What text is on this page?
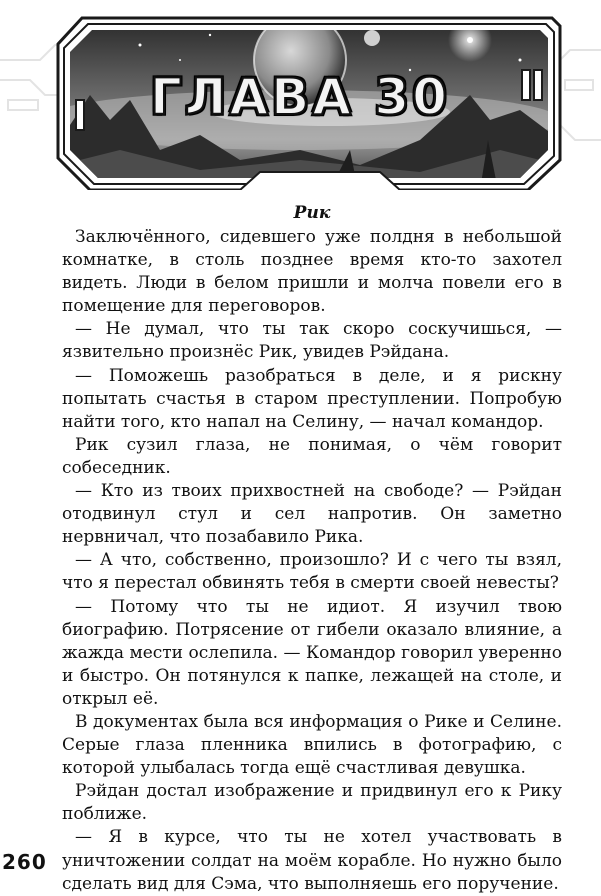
ГЛАВА 30

Рик

Заключённого, сидевшего уже полдня в небольшой комнатке, в столь позднее время кто-то захотел видеть. Люди в белом пришли и молча повели его в помещение для переговоров.

— Не думал, что ты так скоро соскучишься, — язвительно произнёс Рик, увидев Рэйдана.

— Поможешь разобраться в деле, и я рискну попытать счастья в старом преступлении. Попробую найти того, кто напал на Селину, — начал командор.

Рик сузил глаза, не понимая, о чём говорит собеседник.

— Кто из твоих прихвостней на свободе? — Рэйдан отодвинул стул и сел напротив. Он заметно нервничал, что позабавило Рика.

— А что, собственно, произошло? И с чего ты взял, что я перестал обвинять тебя в смерти своей невесты?

— Потому что ты не идиот. Я изучил твою биографию. Потрясение от гибели оказало влияние, а жажда мести ослепила. — Командор говорил уверенно и быстро. Он потянулся к папке, лежащей на столе, и открыл её.

В документах была вся информация о Рике и Селине. Серые глаза пленника впились в фотографию, с которой улыбалась тогда ещё счастливая девушка.

Рэйдан достал изображение и придвинул его к Рику поближе.

— Я в курсе, что ты не хотел участвовать в уничтожении солдат на моём корабле. Но нужно было сделать вид для Сэма, что выполняешь его поручение.

260
